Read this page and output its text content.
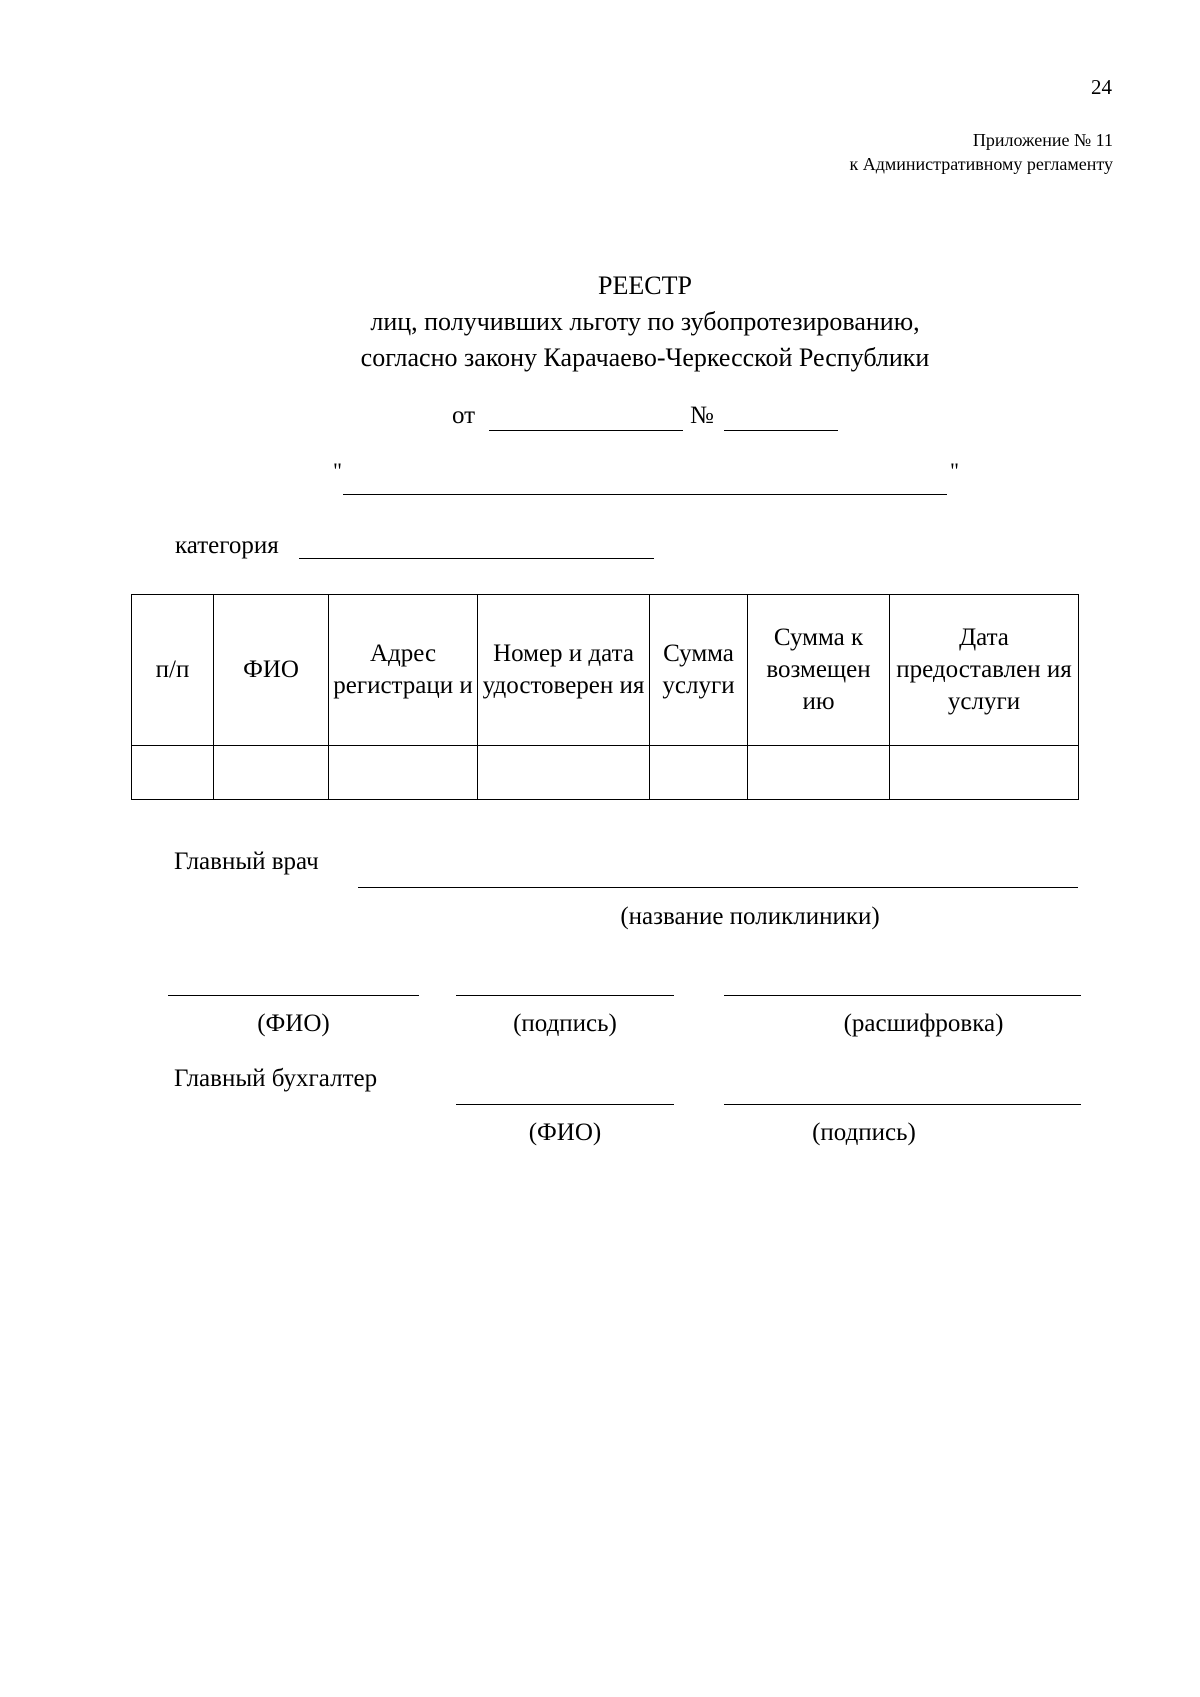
24
Приложение № 11
к Административному регламенту
РЕЕСТР
лиц, получивших льготу по зубопротезированию,
согласно закону Карачаево-Черкесской Республики
от	№
"	"
категория
п/п	ФИО	Адрес регистраци и	Номер и дата удостоверен ия	Сумма услуги	Сумма к возмещен ию	Дата предоставлен ия услуги

Главный врач
(название поликлиники)
(ФИО)	(подпись)	(расшифровка)
Главный бухгалтер
(ФИО)	(подпись)
